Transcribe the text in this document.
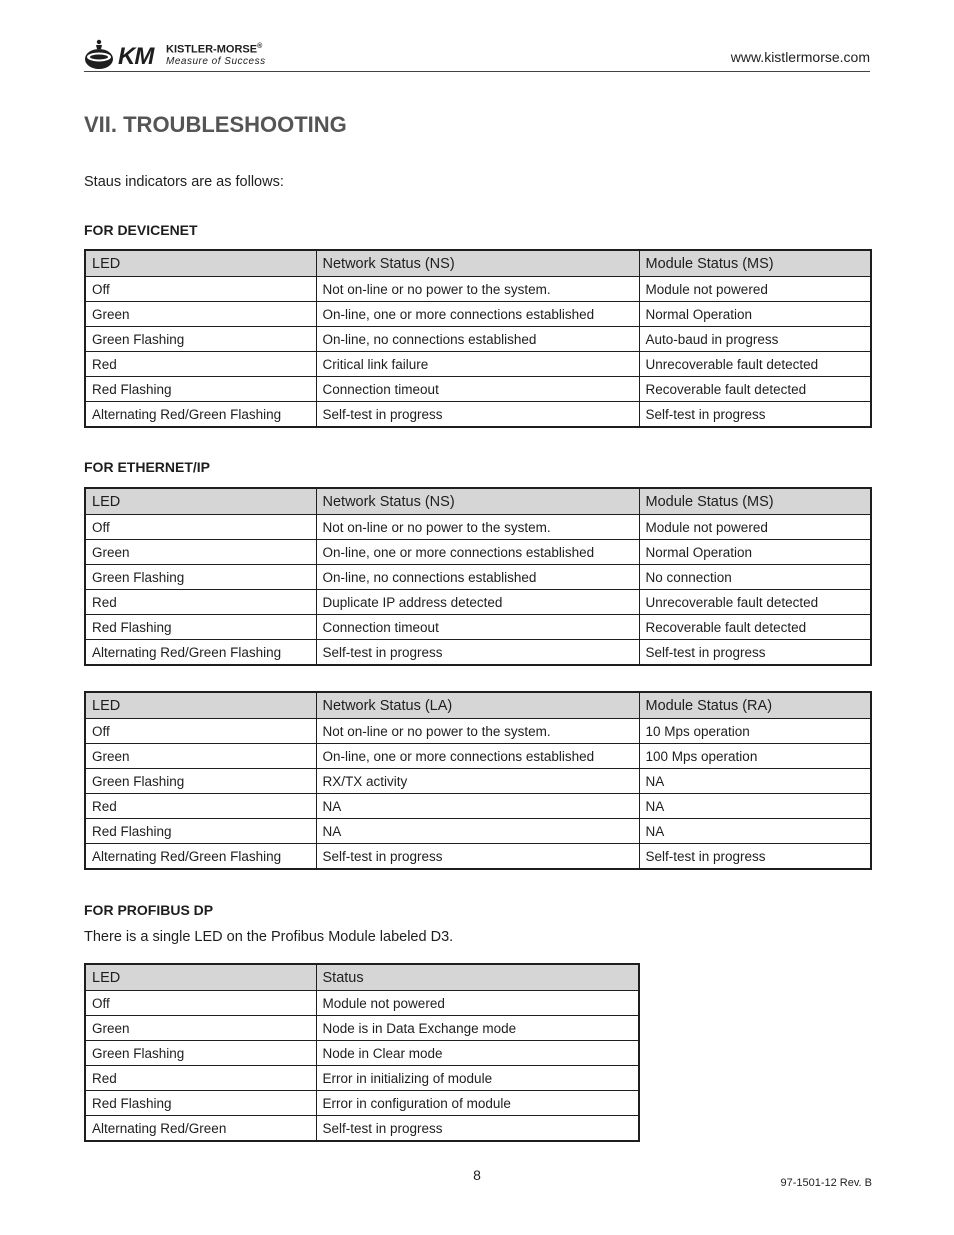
KM KISTLER-MORSE®
Measure of Success	www.kistlermorse.com
VII. TROUBLESHOOTING
Staus indicators are as follows:
FOR DEVICENET
LED	Network Status (NS)	Module Status (MS)
Off	Not on-line or no power to the system.	Module not powered
Green	On-line, one or more connections established	Normal Operation
Green Flashing	On-line, no connections established	Auto-baud in progress
Red	Critical link failure	Unrecoverable fault detected
Red Flashing	Connection timeout	Recoverable fault detected
Alternating Red/Green Flashing	Self-test in progress	Self-test in progress
FOR ETHERNET/IP
LED	Network Status (NS)	Module Status (MS)
Off	Not on-line or no power to the system.	Module not powered
Green	On-line, one or more connections established	Normal Operation
Green Flashing	On-line, no connections established	No connection
Red	Duplicate IP address detected	Unrecoverable fault detected
Red Flashing	Connection timeout	Recoverable fault detected
Alternating Red/Green Flashing	Self-test in progress	Self-test in progress
LED	Network Status (LA)	Module Status (RA)
Off	Not on-line or no power to the system.	10 Mps operation
Green	On-line, one or more connections established	100 Mps operation
Green Flashing	RX/TX activity	NA
Red	NA	NA
Red Flashing	NA	NA
Alternating Red/Green Flashing	Self-test in progress	Self-test in progress
FOR PROFIBUS DP
There is a single LED on the Profibus Module labeled D3.
LED	Status
Off	Module not powered
Green	Node is in Data Exchange mode
Green Flashing	Node in Clear mode
Red	Error in initializing of module
Red Flashing	Error in configuration of module
Alternating Red/Green	Self-test in progress
8	97-1501-12 Rev. B
